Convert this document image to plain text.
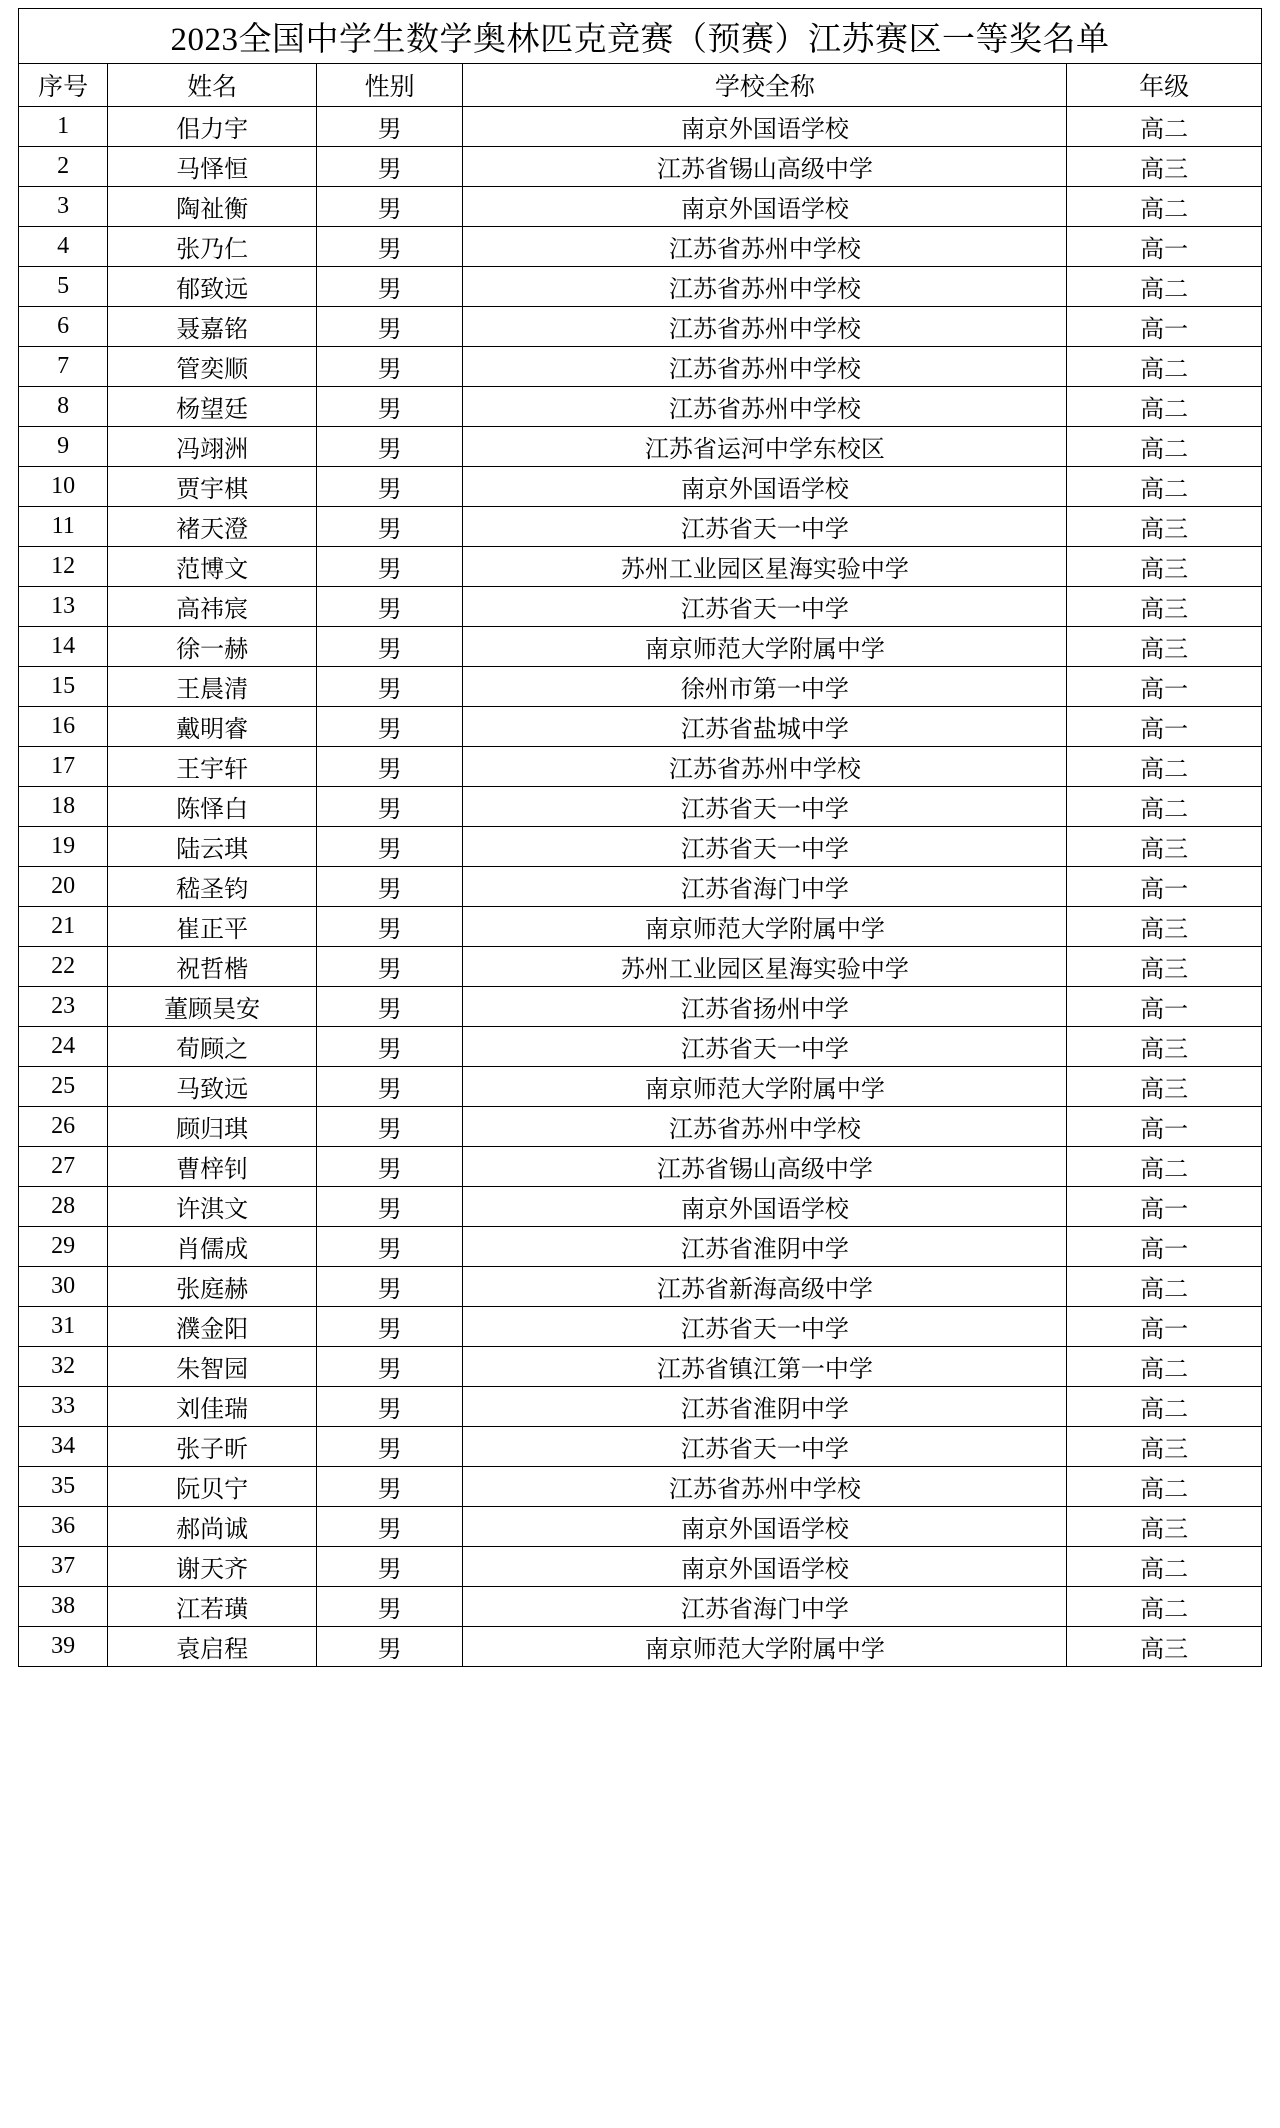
2023全国中学生数学奥林匹克竞赛（预赛）江苏赛区一等奖名单				
序号	姓名	性别	学校全称	年级
1	佀力宇	男	南京外国语学校	高二
2	马怿恒	男	江苏省锡山高级中学	高三
3	陶祉衡	男	南京外国语学校	高二
4	张乃仁	男	江苏省苏州中学校	高一
5	郁致远	男	江苏省苏州中学校	高二
6	聂嘉铭	男	江苏省苏州中学校	高一
7	管奕顺	男	江苏省苏州中学校	高二
8	杨望廷	男	江苏省苏州中学校	高二
9	冯翊洲	男	江苏省运河中学东校区	高二
10	贾宇棋	男	南京外国语学校	高二
11	褚天澄	男	江苏省天一中学	高三
12	范博文	男	苏州工业园区星海实验中学	高三
13	高祎宸	男	江苏省天一中学	高三
14	徐一赫	男	南京师范大学附属中学	高三
15	王晨清	男	徐州市第一中学	高一
16	戴明睿	男	江苏省盐城中学	高一
17	王宇轩	男	江苏省苏州中学校	高二
18	陈怿白	男	江苏省天一中学	高二
19	陆云琪	男	江苏省天一中学	高三
20	嵇圣钧	男	江苏省海门中学	高一
21	崔正平	男	南京师范大学附属中学	高三
22	祝哲楷	男	苏州工业园区星海实验中学	高三
23	董顾昊安	男	江苏省扬州中学	高一
24	荀顾之	男	江苏省天一中学	高三
25	马致远	男	南京师范大学附属中学	高三
26	顾归琪	男	江苏省苏州中学校	高一
27	曹梓钊	男	江苏省锡山高级中学	高二
28	许淇文	男	南京外国语学校	高一
29	肖儒成	男	江苏省淮阴中学	高一
30	张庭赫	男	江苏省新海高级中学	高二
31	濮金阳	男	江苏省天一中学	高一
32	朱智园	男	江苏省镇江第一中学	高二
33	刘佳瑞	男	江苏省淮阴中学	高二
34	张子昕	男	江苏省天一中学	高三
35	阮贝宁	男	江苏省苏州中学校	高二
36	郝尚诚	男	南京外国语学校	高三
37	谢天齐	男	南京外国语学校	高二
38	江若璜	男	江苏省海门中学	高二
39	袁启程	男	南京师范大学附属中学	高三
